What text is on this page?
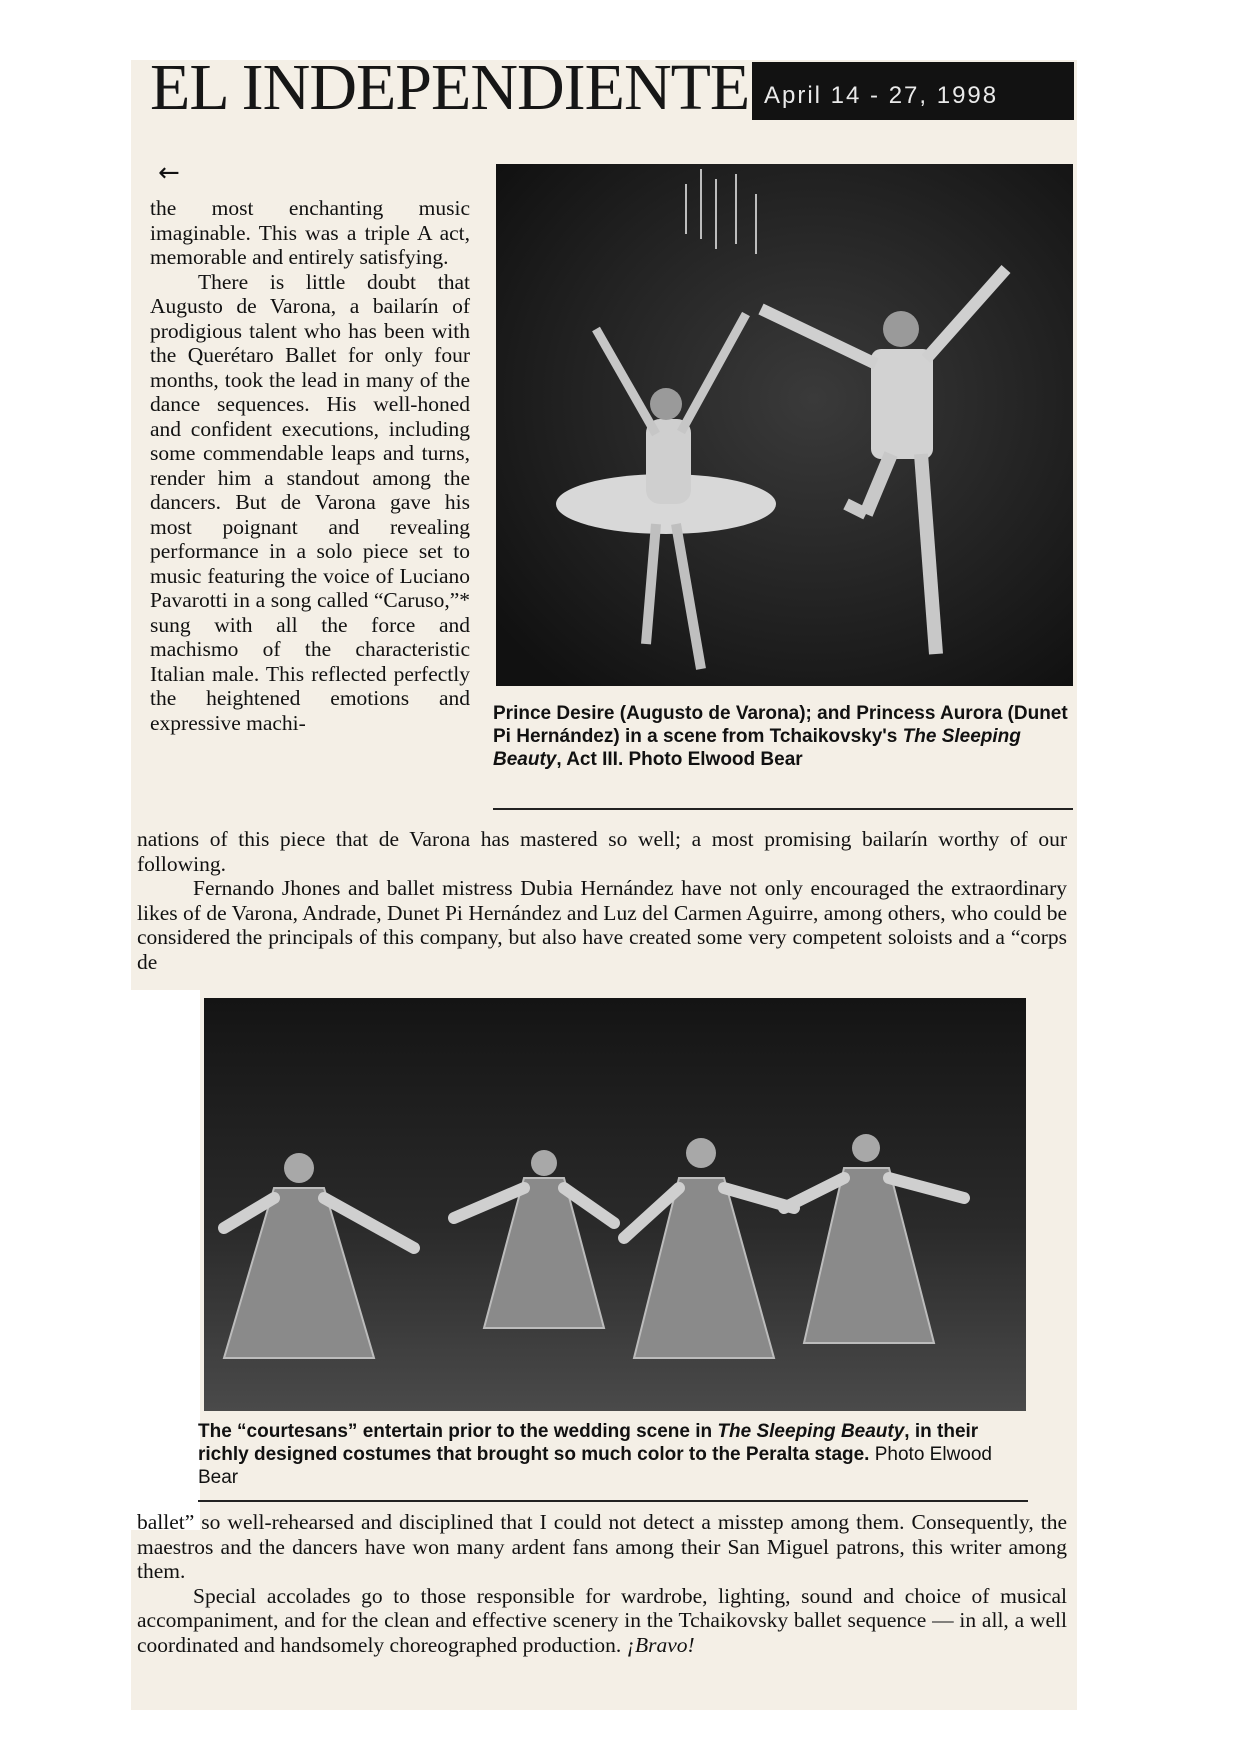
EL INDEPENDIENTE April 14 - 27, 1998
←

the most enchanting music imaginable. This was a triple A act, memorable and entirely satisfying.

There is little doubt that Augusto de Varona, a bailarín of prodigious talent who has been with the Querétaro Ballet for only four months, took the lead in many of the dance sequences. His well-honed and confident executions, including some commendable leaps and turns, render him a standout among the dancers. But de Varona gave his most poignant and revealing performance in a solo piece set to music featuring the voice of Luciano Pavarotti in a song called “Caruso,”* sung with all the force and machismo of the characteristic Italian male. This reflected perfectly the heightened emotions and expressive machi-	Prince Desire (Augusto de Varona); and Princess Aurora (Dunet Pi Hernández) in a scene from Tchaikovsky's The Sleeping Beauty, Act III. Photo Elwood Bear

nations of this piece that de Varona has mastered so well; a most promising bailarín worthy of our following.

Fernando Jhones and ballet mistress Dubia Hernández have not only encouraged the extraordinary likes of de Varona, Andrade, Dunet Pi Hernández and Luz del Carmen Aguirre, among others, who could be considered the principals of this company, but also have created some very competent soloists and a “corps de

The “courtesans” entertain prior to the wedding scene in The Sleeping Beauty, in their richly designed costumes that brought so much color to the Peralta stage. Photo Elwood Bear

ballet” so well-rehearsed and disciplined that I could not detect a misstep among them. Consequently, the maestros and the dancers have won many ardent fans among their San Miguel patrons, this writer among them.

Special accolades go to those responsible for wardrobe, lighting, sound and choice of musical accompaniment, and for the clean and effective scenery in the Tchaikovsky ballet sequence — in all, a well coordinated and handsomely choreographed production. ¡Bravo!
